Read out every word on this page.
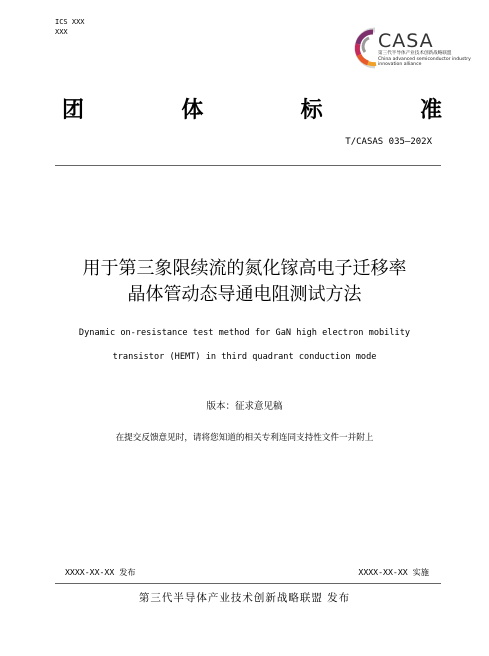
ICS XXX
XXX	CASA
第三代半导体产业技术创新战略联盟
China advanced semiconductor industry
innovation alliance
团	体	标	准
T/CASAS 035—202X
用于第三象限续流的氮化镓高电子迁移率
晶体管动态导通电阻测试方法
Dynamic on-resistance test method for GaN high electron mobility
transistor (HEMT) in third quadrant conduction mode
版本：征求意见稿
在提交反馈意见时，请将您知道的相关专利连同支持性文件一并附上
XXXX-XX-XX 发布	XXXX-XX-XX 实施
第三代半导体产业技术创新战略联盟 发布
